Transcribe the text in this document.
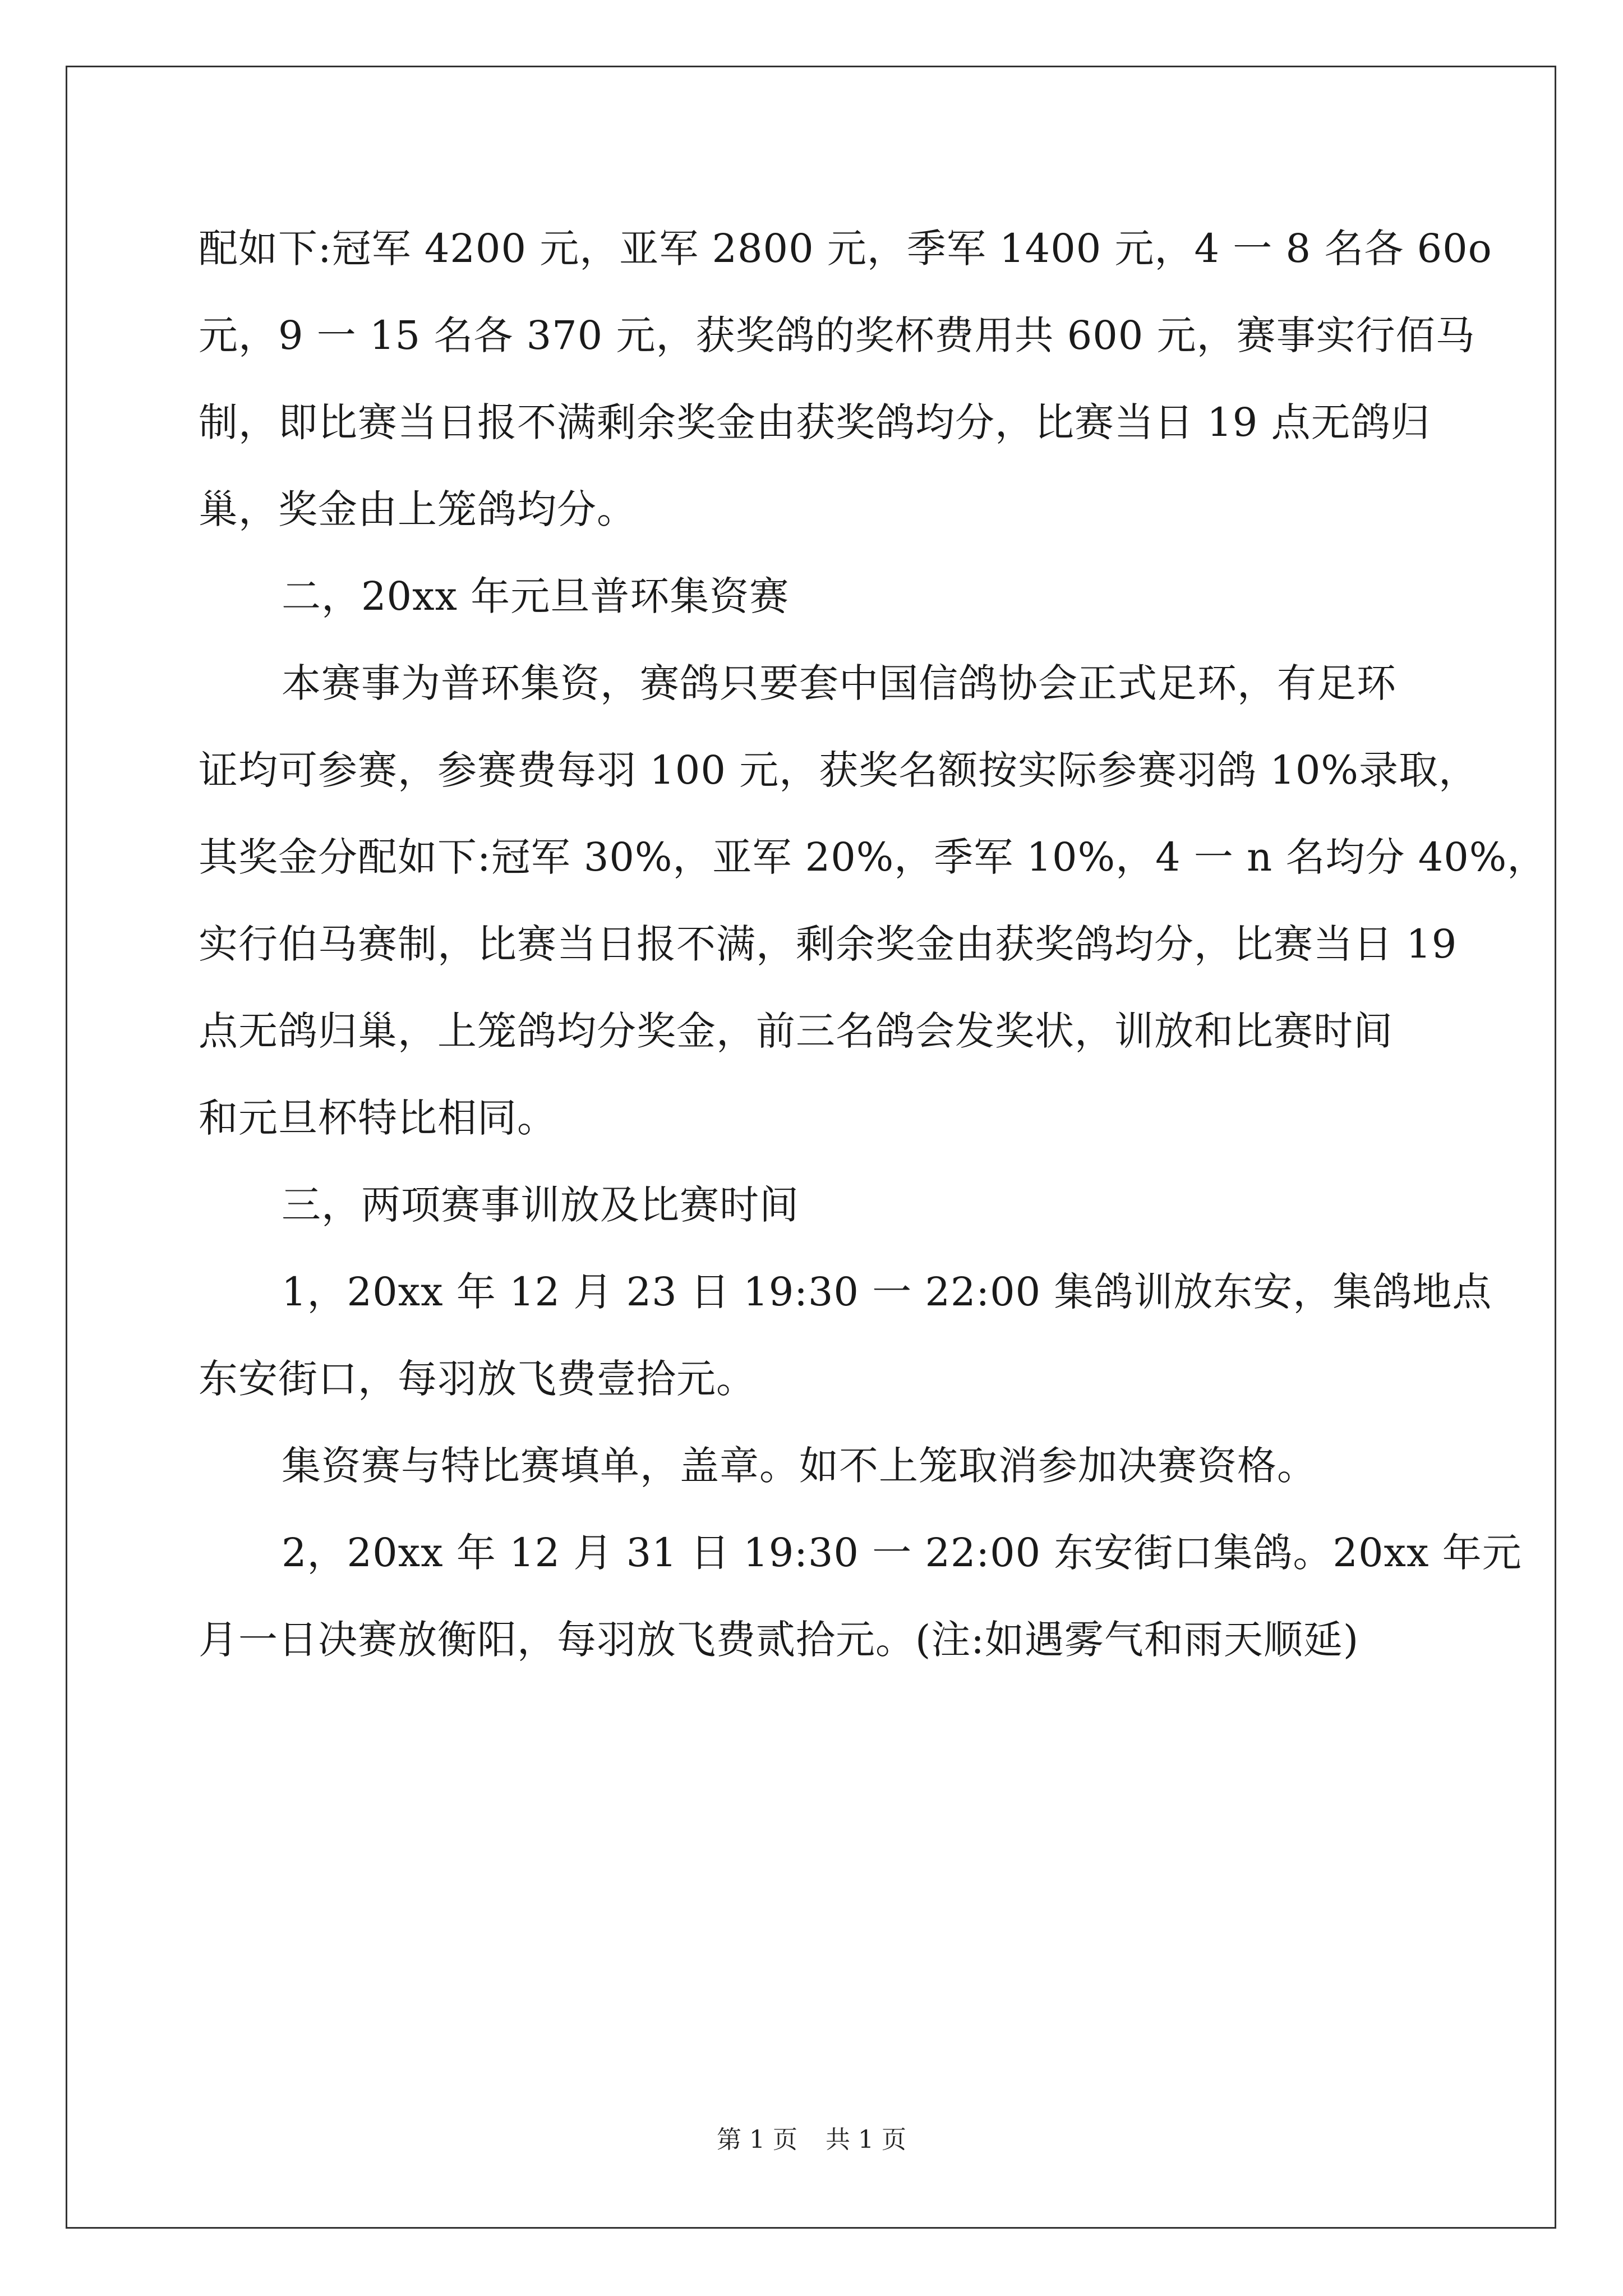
配如下:冠军 4200 元，亚军 2800 元，季军 1400 元，4 一 8 名各 60o
元，9 一 15 名各 370 元，获奖鸽的奖杯费用共 600 元，赛事实行佰马
制，即比赛当日报不满剩余奖金由获奖鸽均分，比赛当日 19 点无鸽归
巢，奖金由上笼鸽均分。
二，20xx 年元旦普环集资赛
本赛事为普环集资，赛鸽只要套中国信鸽协会正式足环，有足环
证均可参赛，参赛费每羽 100 元，获奖名额按实际参赛羽鸽 10%录取，
其奖金分配如下:冠军 30%，亚军 20%，季军 10%，4 一 n 名均分 40%，
实行伯马赛制，比赛当日报不满，剩余奖金由获奖鸽均分，比赛当日 19
点无鸽归巢，上笼鸽均分奖金，前三名鸽会发奖状，训放和比赛时间
和元旦杯特比相同。
三，两项赛事训放及比赛时间
1，20xx 年 12 月 23 日 19:30 一 22:00 集鸽训放东安，集鸽地点
东安街口，每羽放飞费壹拾元。
集资赛与特比赛填单，盖章。如不上笼取消参加决赛资格。
2，20xx 年 12 月 31 日 19:30 一 22:00 东安街口集鸽。20xx 年元
月一日决赛放衡阳，每羽放飞费贰拾元。(注:如遇雾气和雨天顺延)
第 1 页 共 1 页
